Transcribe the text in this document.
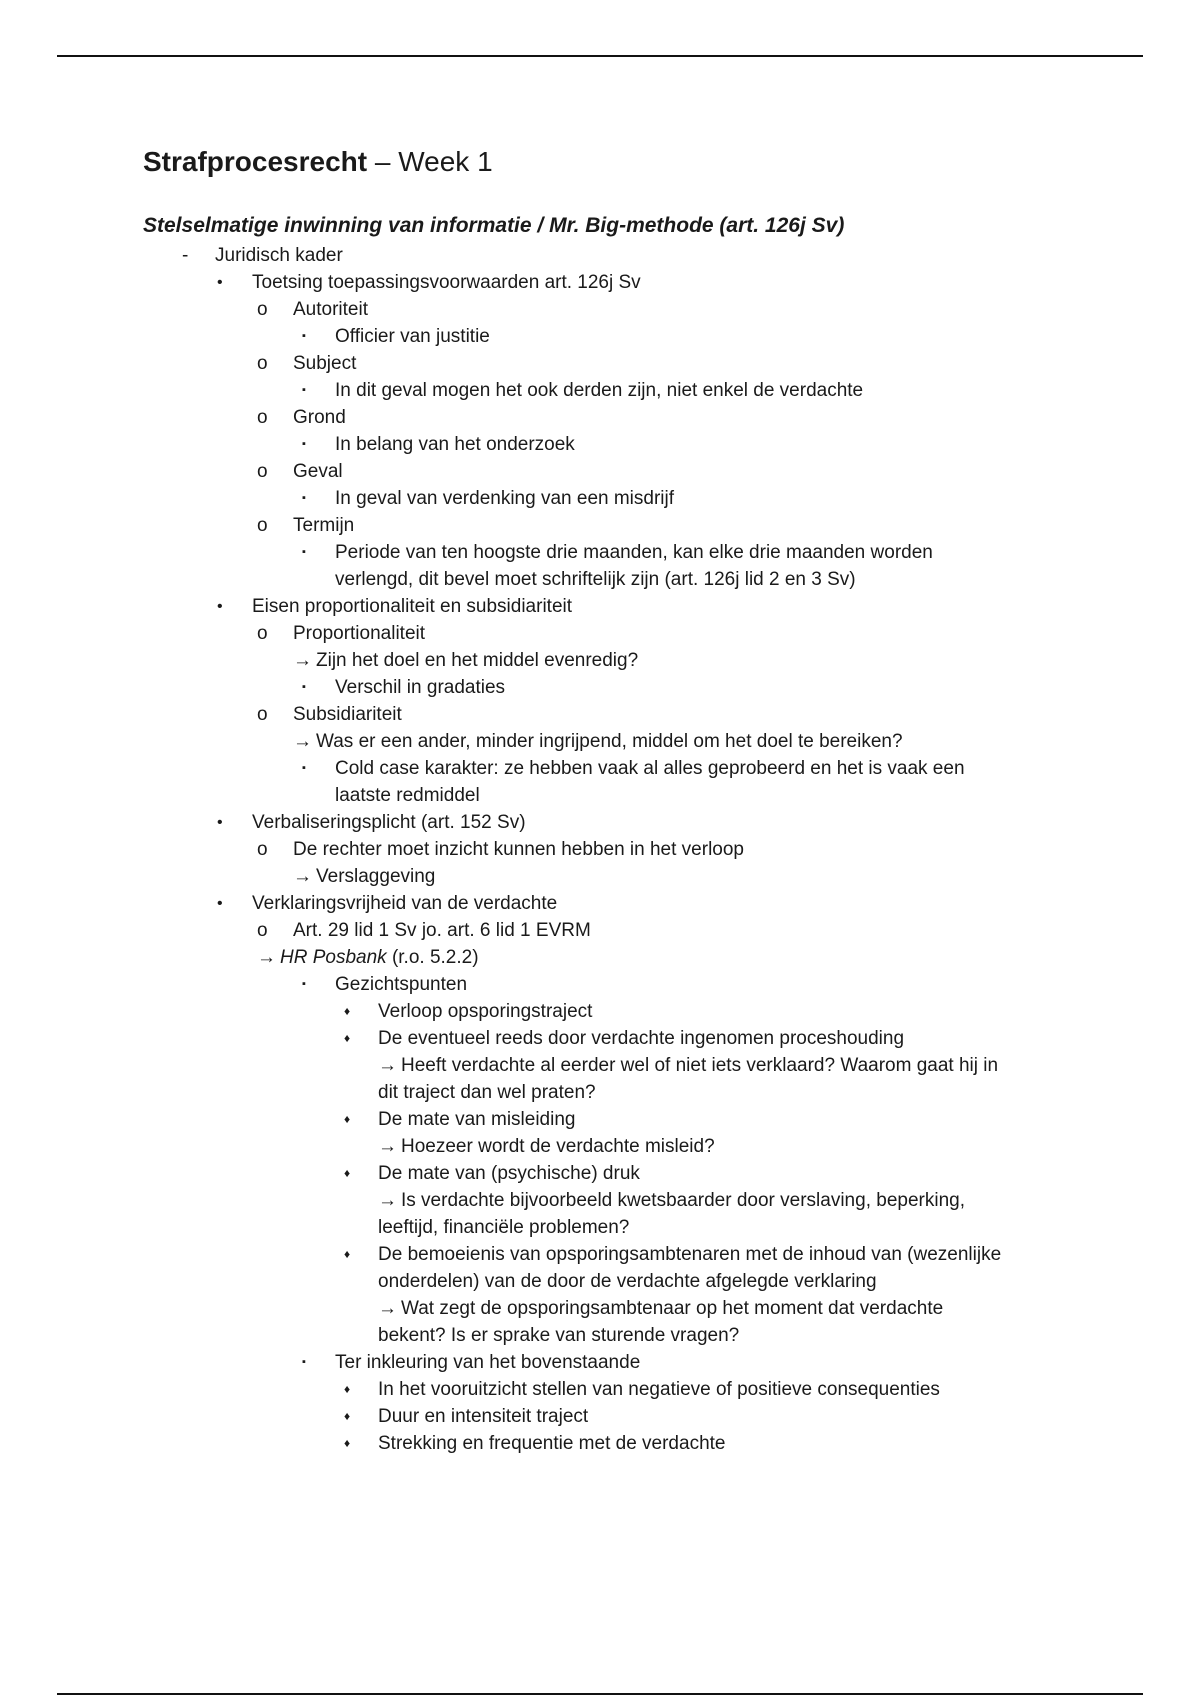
Strafprocesrecht – Week 1
Stelselmatige inwinning van informatie / Mr. Big-methode (art. 126j Sv)
- Juridisch kader
• Toetsing toepassingsvoorwaarden art. 126j Sv
o Autoriteit
▪ Officier van justitie
o Subject
▪ In dit geval mogen het ook derden zijn, niet enkel de verdachte
o Grond
▪ In belang van het onderzoek
o Geval
▪ In geval van verdenking van een misdrijf
o Termijn
▪ Periode van ten hoogste drie maanden, kan elke drie maanden worden
verlengd, dit bevel moet schriftelijk zijn (art. 126j lid 2 en 3 Sv)
• Eisen proportionaliteit en subsidiariteit
o Proportionaliteit
→ Zijn het doel en het middel evenredig?
▪ Verschil in gradaties
o Subsidiariteit
→ Was er een ander, minder ingrijpend, middel om het doel te bereiken?
▪ Cold case karakter: ze hebben vaak al alles geprobeerd en het is vaak een
laatste redmiddel
• Verbaliseringsplicht (art. 152 Sv)
o De rechter moet inzicht kunnen hebben in het verloop
→ Verslaggeving
• Verklaringsvrijheid van de verdachte
o Art. 29 lid 1 Sv jo. art. 6 lid 1 EVRM
→ HR Posbank (r.o. 5.2.2)
▪ Gezichtspunten
♦ Verloop opsporingstraject
♦ De eventueel reeds door verdachte ingenomen proceshouding
→ Heeft verdachte al eerder wel of niet iets verklaard? Waarom gaat hij in
dit traject dan wel praten?
♦ De mate van misleiding
→ Hoezeer wordt de verdachte misleid?
♦ De mate van (psychische) druk
→ Is verdachte bijvoorbeeld kwetsbaarder door verslaving, beperking,
leeftijd, financiële problemen?
♦ De bemoeienis van opsporingsambtenaren met de inhoud van (wezenlijke
onderdelen) van de door de verdachte afgelegde verklaring
→ Wat zegt de opsporingsambtenaar op het moment dat verdachte
bekent? Is er sprake van sturende vragen?
▪ Ter inkleuring van het bovenstaande
♦ In het vooruitzicht stellen van negatieve of positieve consequenties
♦ Duur en intensiteit traject
♦ Strekking en frequentie met de verdachte
